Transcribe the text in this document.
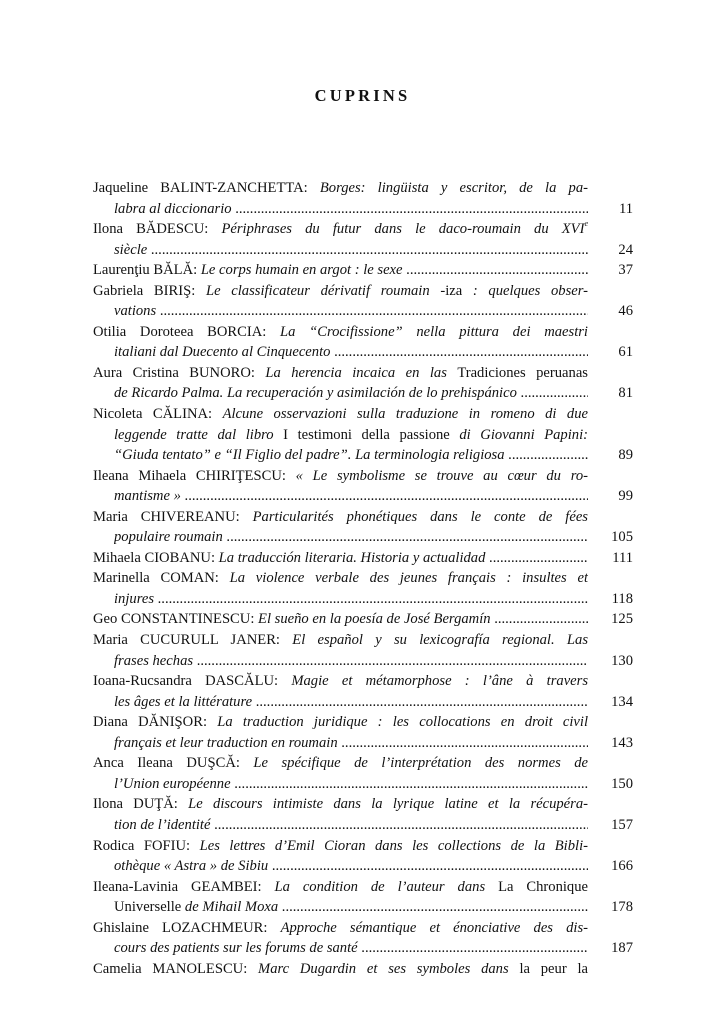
CUPRINS
Jaqueline BALINT-ZANCHETTA: Borges: lingüista y escritor, de la pa-
labra al diccionario .....	11
Ilona BĂDESCU: Périphrases du futur dans le daco-roumain du XVIe
siècle .....	24
Laurenţiu BĂLĂ: Le corps humain en argot : le sexe .....	37
Gabriela BIRIŞ: Le classificateur dérivatif roumain -iza : quelques obser-
vations .....	46
Otilia Doroteea BORCIA: La “Crocifissione” nella pittura dei maestri
italiani dal Duecento al Cinquecento .....	61
Aura Cristina BUNORO: La herencia incaica en las Tradiciones peruanas
de Ricardo Palma. La recuperación y asimilación de lo prehispánico .....	81
Nicoleta CĂLINA: Alcune osservazioni sulla traduzione in romeno di due
leggende tratte dal libro I testimoni della passione di Giovanni Papini:
“Giuda tentato” e “Il Figlio del padre”. La terminologia religiosa .....	89
Ileana Mihaela CHIRIŢESCU: « Le symbolisme se trouve au cœur du ro-
mantisme » .....	99
Maria CHIVEREANU: Particularités phonétiques dans le conte de fées
populaire roumain .....	105
Mihaela CIOBANU: La traducción literaria. Historia y actualidad .....	111
Marinella COMAN: La violence verbale des jeunes français : insultes et
injures .....	118
Geo CONSTANTINESCU: El sueño en la poesía de José Bergamín .....	125
Maria CUCURULL JANER: El español y su lexicografía regional. Las
frases hechas .....	130
Ioana-Rucsandra DASCĂLU: Magie et métamorphose : l’âne à travers
les âges et la littérature .....	134
Diana DĂNIŞOR: La traduction juridique : les collocations en droit civil
français et leur traduction en roumain .....	143
Anca Ileana DUŞCĂ: Le spécifique de l’interprétation des normes de
l’Union européenne .....	150
Ilona DUŢĂ: Le discours intimiste dans la lyrique latine et la récupéra-
tion de l’identité .....	157
Rodica FOFIU: Les lettres d’Emil Cioran dans les collections de la Bibli-
othèque « Astra » de Sibiu .....	166
Ileana-Lavinia GEAMBEI: La condition de l’auteur dans La Chronique
Universelle de Mihail Moxa .....	178
Ghislaine LOZACHMEUR: Approche sémantique et énonciative des dis-
cours des patients sur les forums de santé .....	187
Camelia MANOLESCU: Marc Dugardin et ses symboles dans la peur la
